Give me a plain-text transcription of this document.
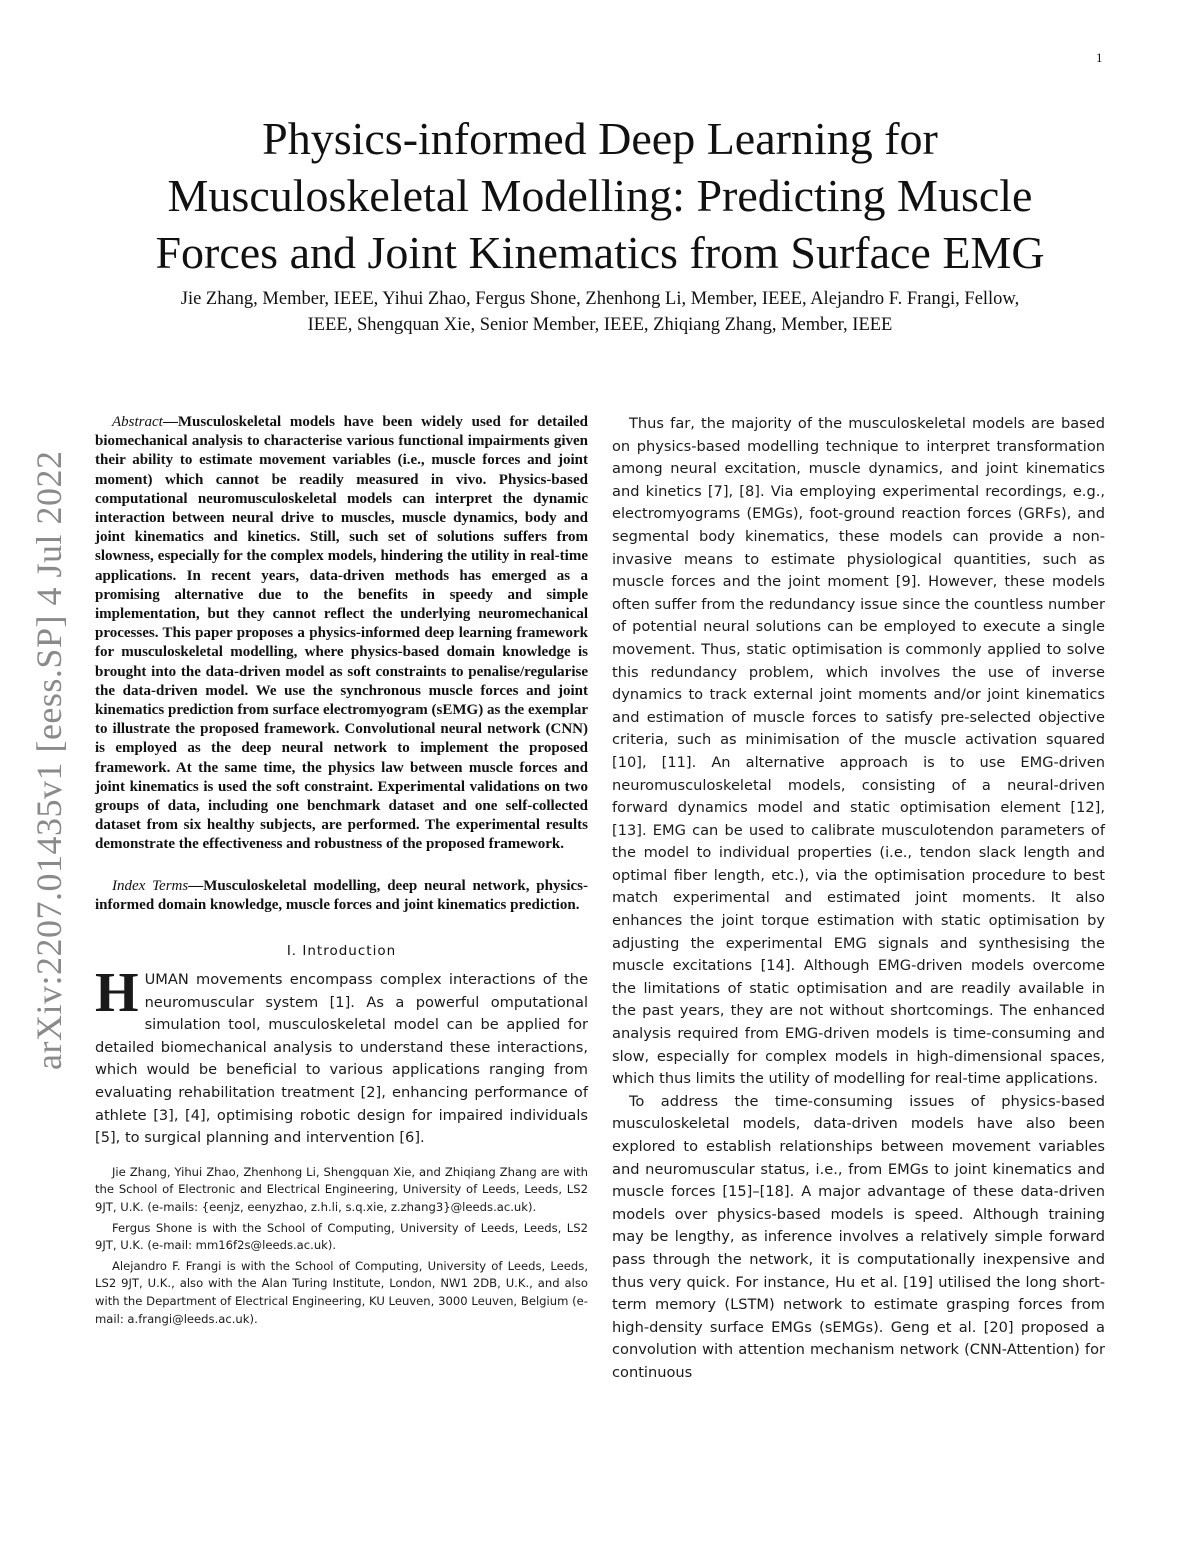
1
Physics-informed Deep Learning for
Musculoskeletal Modelling: Predicting Muscle
Forces and Joint Kinematics from Surface EMG
Jie Zhang, Member, IEEE, Yihui Zhao, Fergus Shone, Zhenhong Li, Member, IEEE, Alejandro F. Frangi, Fellow,
IEEE, Shengquan Xie, Senior Member, IEEE, Zhiqiang Zhang, Member, IEEE
arXiv:2207.01435v1 [eess.SP] 4 Jul 2022

Abstract—Musculoskeletal models have been widely used for detailed biomechanical analysis to characterise various functional impairments given their ability to estimate movement variables (i.e., muscle forces and joint moment) which cannot be readily measured in vivo. Physics-based computational neuromusculoskeletal models can interpret the dynamic interaction between neural drive to muscles, muscle dynamics, body and joint kinematics and kinetics. Still, such set of solutions suffers from slowness, especially for the complex models, hindering the utility in real-time applications. In recent years, data-driven methods has emerged as a promising alternative due to the benefits in speedy and simple implementation, but they cannot reflect the underlying neuromechanical processes. This paper proposes a physics-informed deep learning framework for musculoskeletal modelling, where physics-based domain knowledge is brought into the data-driven model as soft constraints to penalise/regularise the data-driven model. We use the synchronous muscle forces and joint kinematics prediction from surface electromyogram (sEMG) as the exemplar to illustrate the proposed framework. Convolutional neural network (CNN) is employed as the deep neural network to implement the proposed framework. At the same time, the physics law between muscle forces and joint kinematics is used the soft constraint. Experimental validations on two groups of data, including one benchmark dataset and one self-collected dataset from six healthy subjects, are performed. The experimental results demonstrate the effectiveness and robustness of the proposed framework.

Index Terms—Musculoskeletal modelling, deep neural network, physics-informed domain knowledge, muscle forces and joint kinematics prediction.

I. Introduction

HUMAN movements encompass complex interactions of the neuromuscular system [1]. As a powerful omputational simulation tool, musculoskeletal model can be applied for detailed biomechanical analysis to understand these interactions, which would be beneficial to various applications ranging from evaluating rehabilitation treatment [2], enhancing performance of athlete [3], [4], optimising robotic design for impaired individuals [5], to surgical planning and intervention [6].

Jie Zhang, Yihui Zhao, Zhenhong Li, Shengquan Xie, and Zhiqiang Zhang are with the School of Electronic and Electrical Engineering, University of Leeds, Leeds, LS2 9JT, U.K. (e-mails: {eenjz, eenyzhao, z.h.li, s.q.xie, z.zhang3}@leeds.ac.uk).

Fergus Shone is with the School of Computing, University of Leeds, Leeds, LS2 9JT, U.K. (e-mail: mm16f2s@leeds.ac.uk).

Alejandro F. Frangi is with the School of Computing, University of Leeds, Leeds, LS2 9JT, U.K., also with the Alan Turing Institute, London, NW1 2DB, U.K., and also with the Department of Electrical Engineering, KU Leuven, 3000 Leuven, Belgium (e-mail: a.frangi@leeds.ac.uk).

Thus far, the majority of the musculoskeletal models are based on physics-based modelling technique to interpret transformation among neural excitation, muscle dynamics, and joint kinematics and kinetics [7], [8]. Via employing experimental recordings, e.g., electromyograms (EMGs), foot-ground reaction forces (GRFs), and segmental body kinematics, these models can provide a non-invasive means to estimate physiological quantities, such as muscle forces and the joint moment [9]. However, these models often suffer from the redundancy issue since the countless number of potential neural solutions can be employed to execute a single movement. Thus, static optimisation is commonly applied to solve this redundancy problem, which involves the use of inverse dynamics to track external joint moments and/or joint kinematics and estimation of muscle forces to satisfy pre-selected objective criteria, such as minimisation of the muscle activation squared [10], [11]. An alternative approach is to use EMG-driven neuromusculoskeletal models, consisting of a neural-driven forward dynamics model and static optimisation element [12], [13]. EMG can be used to calibrate musculotendon parameters of the model to individual properties (i.e., tendon slack length and optimal fiber length, etc.), via the optimisation procedure to best match experimental and estimated joint moments. It also enhances the joint torque estimation with static optimisation by adjusting the experimental EMG signals and synthesising the muscle excitations [14]. Although EMG-driven models overcome the limitations of static optimisation and are readily available in the past years, they are not without shortcomings. The enhanced analysis required from EMG-driven models is time-consuming and slow, especially for complex models in high-dimensional spaces, which thus limits the utility of modelling for real-time applications.

To address the time-consuming issues of physics-based musculoskeletal models, data-driven models have also been explored to establish relationships between movement variables and neuromuscular status, i.e., from EMGs to joint kinematics and muscle forces [15]–[18]. A major advantage of these data-driven models over physics-based models is speed. Although training may be lengthy, as inference involves a relatively simple forward pass through the network, it is computationally inexpensive and thus very quick. For instance, Hu et al. [19] utilised the long short-term memory (LSTM) network to estimate grasping forces from high-density surface EMGs (sEMGs). Geng et al. [20] proposed a convolution with attention mechanism network (CNN-Attention) for continuous
